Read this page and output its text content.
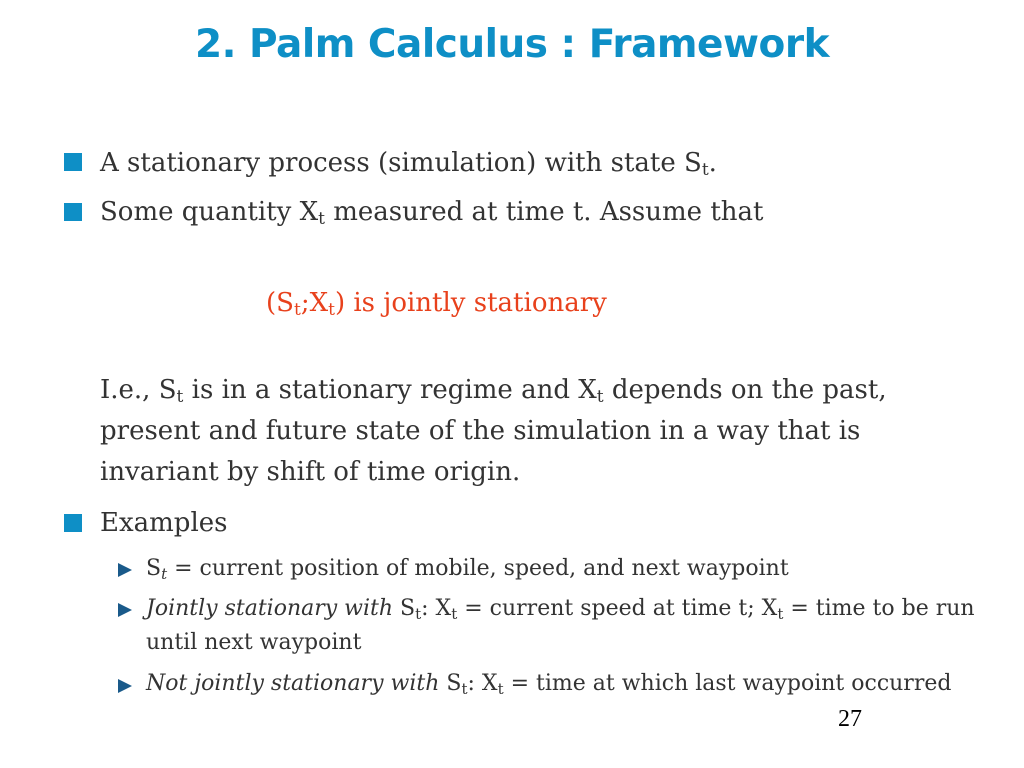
2. Palm Calculus : Framework
A stationary process (simulation) with state $S_t$.
Some quantity $X_t$ measured at time t. Assume that
$(S_t;X_t)$ is jointly stationary
I.e., $S_t$ is in a stationary regime and $X_t$ depends on the past, present and future state of the simulation in a way that is invariant by shift of time origin.
Examples
$S_t$ = current position of mobile, speed, and next waypoint
Jointly stationary with $S_t$: $X_t$ = current speed at time t; $X_t$ = time to be run until next waypoint
Not jointly stationary with $S_t$: $X_t$ = time at which last waypoint occurred
27
